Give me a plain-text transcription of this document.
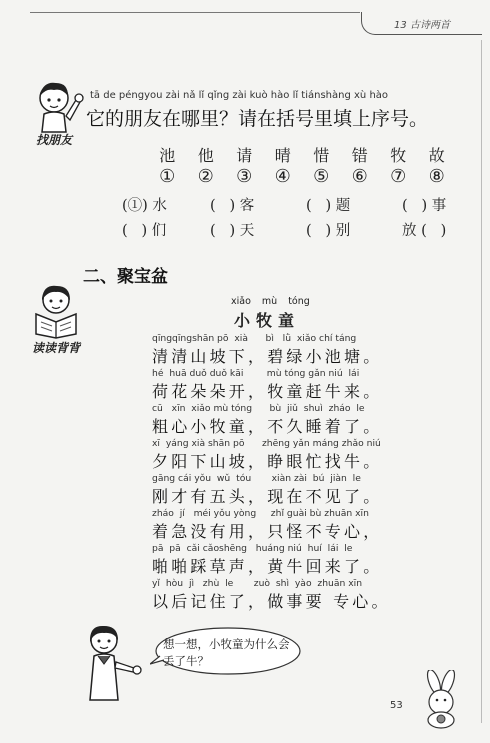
13 古诗两首
找朋友
tā de péngyou zài nǎ lǐ qǐng zài kuò hào lǐ tiánshàng xù hào
它的朋友在哪里？请在括号里填上序号。
池	他	请	晴	惜	错	牧	故
①	②	③	④	⑤	⑥	⑦	⑧
(①) 水	(   ) 客	(   ) 题	(   ) 事
(   ) 们	(   ) 天	(   ) 别	放 (   )
二、聚宝盆
读读背背
xiǎo mù tóng
小牧童
qīngqīngshān pō  xià      bì   lǜ  xiǎo chí táng
清清山坡下，碧绿小池塘。
hé  huā duǒ duǒ kāi        mù tóng gǎn niú  lái
荷花朵朵开，牧童赶牛来。
cū   xīn  xiǎo mù tóng      bù  jiǔ  shuì  zháo  le
粗心小牧童，不久睡着了。
xī  yáng xià shān pō      zhēng yǎn máng zhǎo niú
夕阳下山坡，睁眼忙找牛。
gāng cái yǒu  wǔ  tóu       xiàn zài  bú  jiàn  le
刚才有五头，现在不见了。
zháo  jí   méi yǒu yòng     zhǐ guài bù zhuān xīn
着急没有用，只怪不专心，
pā  pā  cǎi cǎoshēng   huáng niú  huí  lái  le
啪啪踩草声，黄牛回来了。
yǐ  hòu  jì   zhù  le       zuò  shì  yào  zhuān xīn
以后记住了，做事要 专心。
想一想，小牧童为什么会丢了牛？
53
